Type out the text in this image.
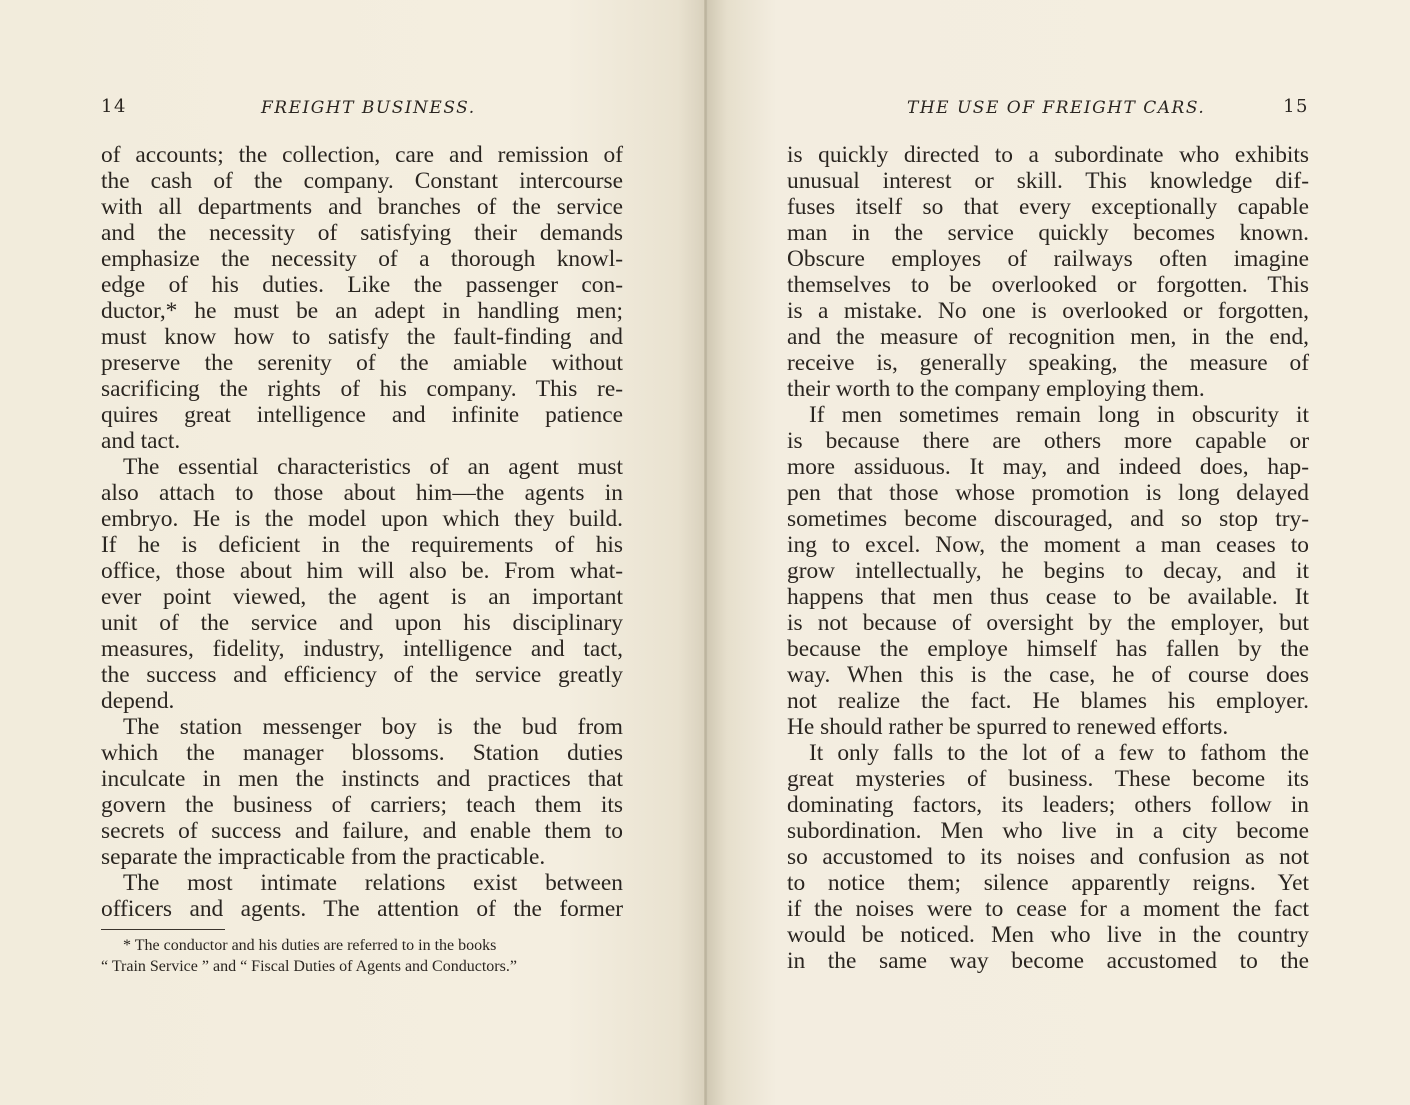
14	FREIGHT BUSINESS.
of accounts; the collection, care and remission of
the cash of the company. Constant intercourse
with all departments and branches of the service
and the necessity of satisfying their demands
emphasize the necessity of a thorough knowl-
edge of his duties. Like the passenger con-
ductor,* he must be an adept in handling men;
must know how to satisfy the fault-finding and
preserve the serenity of the amiable without
sacrificing the rights of his company. This re-
quires great intelligence and infinite patience
and tact.
The essential characteristics of an agent must
also attach to those about him—the agents in
embryo. He is the model upon which they build.
If he is deficient in the requirements of his
office, those about him will also be. From what-
ever point viewed, the agent is an important
unit of the service and upon his disciplinary
measures, fidelity, industry, intelligence and tact,
the success and efficiency of the service greatly
depend.
The station messenger boy is the bud from
which the manager blossoms. Station duties
inculcate in men the instincts and practices that
govern the business of carriers; teach them its
secrets of success and failure, and enable them to
separate the impracticable from the practicable.
The most intimate relations exist between
officers and agents. The attention of the former
* The conductor and his duties are referred to in the books
“ Train Service ” and “ Fiscal Duties of Agents and Conductors.”
THE USE OF FREIGHT CARS.	15
is quickly directed to a subordinate who exhibits
unusual interest or skill. This knowledge dif-
fuses itself so that every exceptionally capable
man in the service quickly becomes known.
Obscure employes of railways often imagine
themselves to be overlooked or forgotten. This
is a mistake. No one is overlooked or forgotten,
and the measure of recognition men, in the end,
receive is, generally speaking, the measure of
their worth to the company employing them.
If men sometimes remain long in obscurity it
is because there are others more capable or
more assiduous. It may, and indeed does, hap-
pen that those whose promotion is long delayed
sometimes become discouraged, and so stop try-
ing to excel. Now, the moment a man ceases to
grow intellectually, he begins to decay, and it
happens that men thus cease to be available. It
is not because of oversight by the employer, but
because the employe himself has fallen by the
way. When this is the case, he of course does
not realize the fact. He blames his employer.
He should rather be spurred to renewed efforts.
It only falls to the lot of a few to fathom the
great mysteries of business. These become its
dominating factors, its leaders; others follow in
subordination. Men who live in a city become
so accustomed to its noises and confusion as not
to notice them; silence apparently reigns. Yet
if the noises were to cease for a moment the fact
would be noticed. Men who live in the country
in the same way become accustomed to the
